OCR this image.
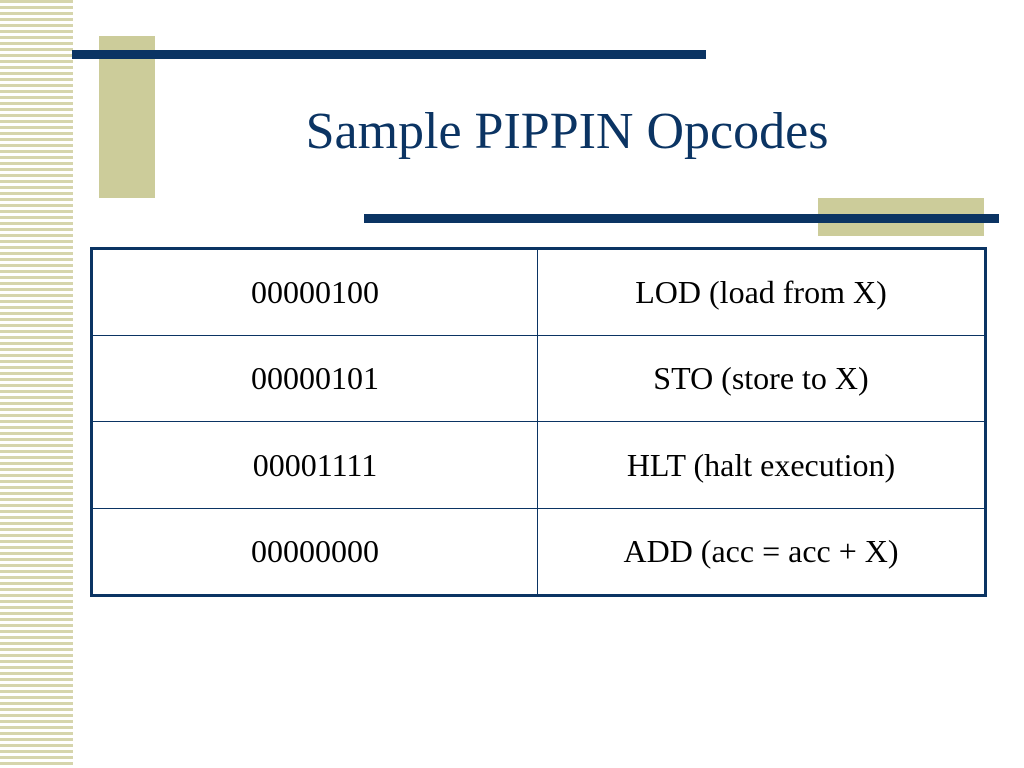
Sample PIPPIN Opcodes
00000100	LOD (load from X)
00000101	STO (store to X)
00001111	HLT (halt execution)
00000000	ADD (acc = acc + X)
